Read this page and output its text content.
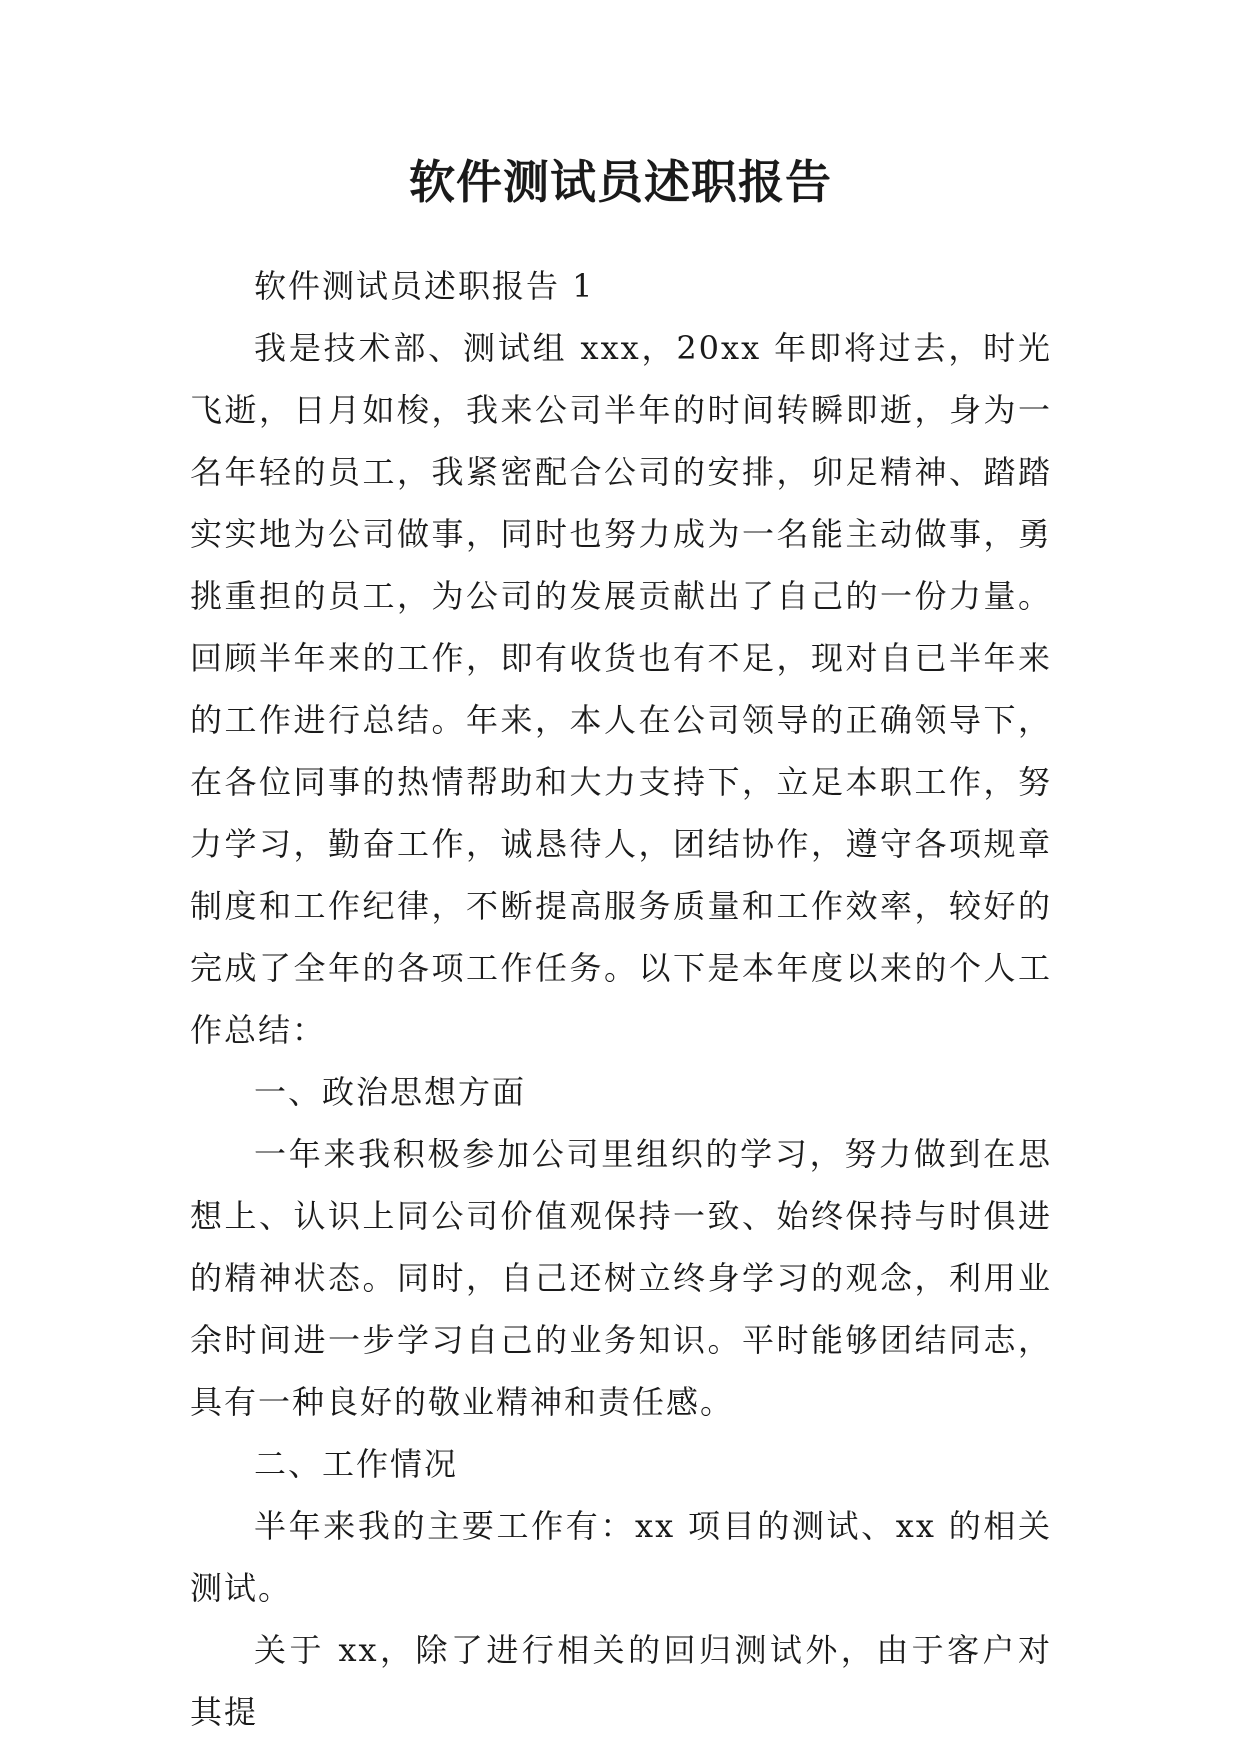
软件测试员述职报告

软件测试员述职报告 1

我是技术部、测试组 xxx，20xx 年即将过去，时光飞逝，日月如梭，我来公司半年的时间转瞬即逝，身为一名年轻的员工，我紧密配合公司的安排，卯足精神、踏踏实实地为公司做事，同时也努力成为一名能主动做事，勇挑重担的员工，为公司的发展贡献出了自己的一份力量。回顾半年来的工作，即有收货也有不足，现对自已半年来的工作进行总结。年来，本人在公司领导的正确领导下，在各位同事的热情帮助和大力支持下，立足本职工作，努力学习，勤奋工作，诚恳待人，团结协作，遵守各项规章制度和工作纪律，不断提高服务质量和工作效率，较好的完成了全年的各项工作任务。以下是本年度以来的个人工作总结：

一、政治思想方面

一年来我积极参加公司里组织的学习，努力做到在思想上、认识上同公司价值观保持一致、始终保持与时俱进的精神状态。同时，自己还树立终身学习的观念，利用业余时间进一步学习自己的业务知识。平时能够团结同志，具有一种良好的敬业精神和责任感。

二、工作情况

半年来我的主要工作有：xx 项目的测试、xx 的相关测试。

关于 xx，除了进行相关的回归测试外，由于客户对其提
